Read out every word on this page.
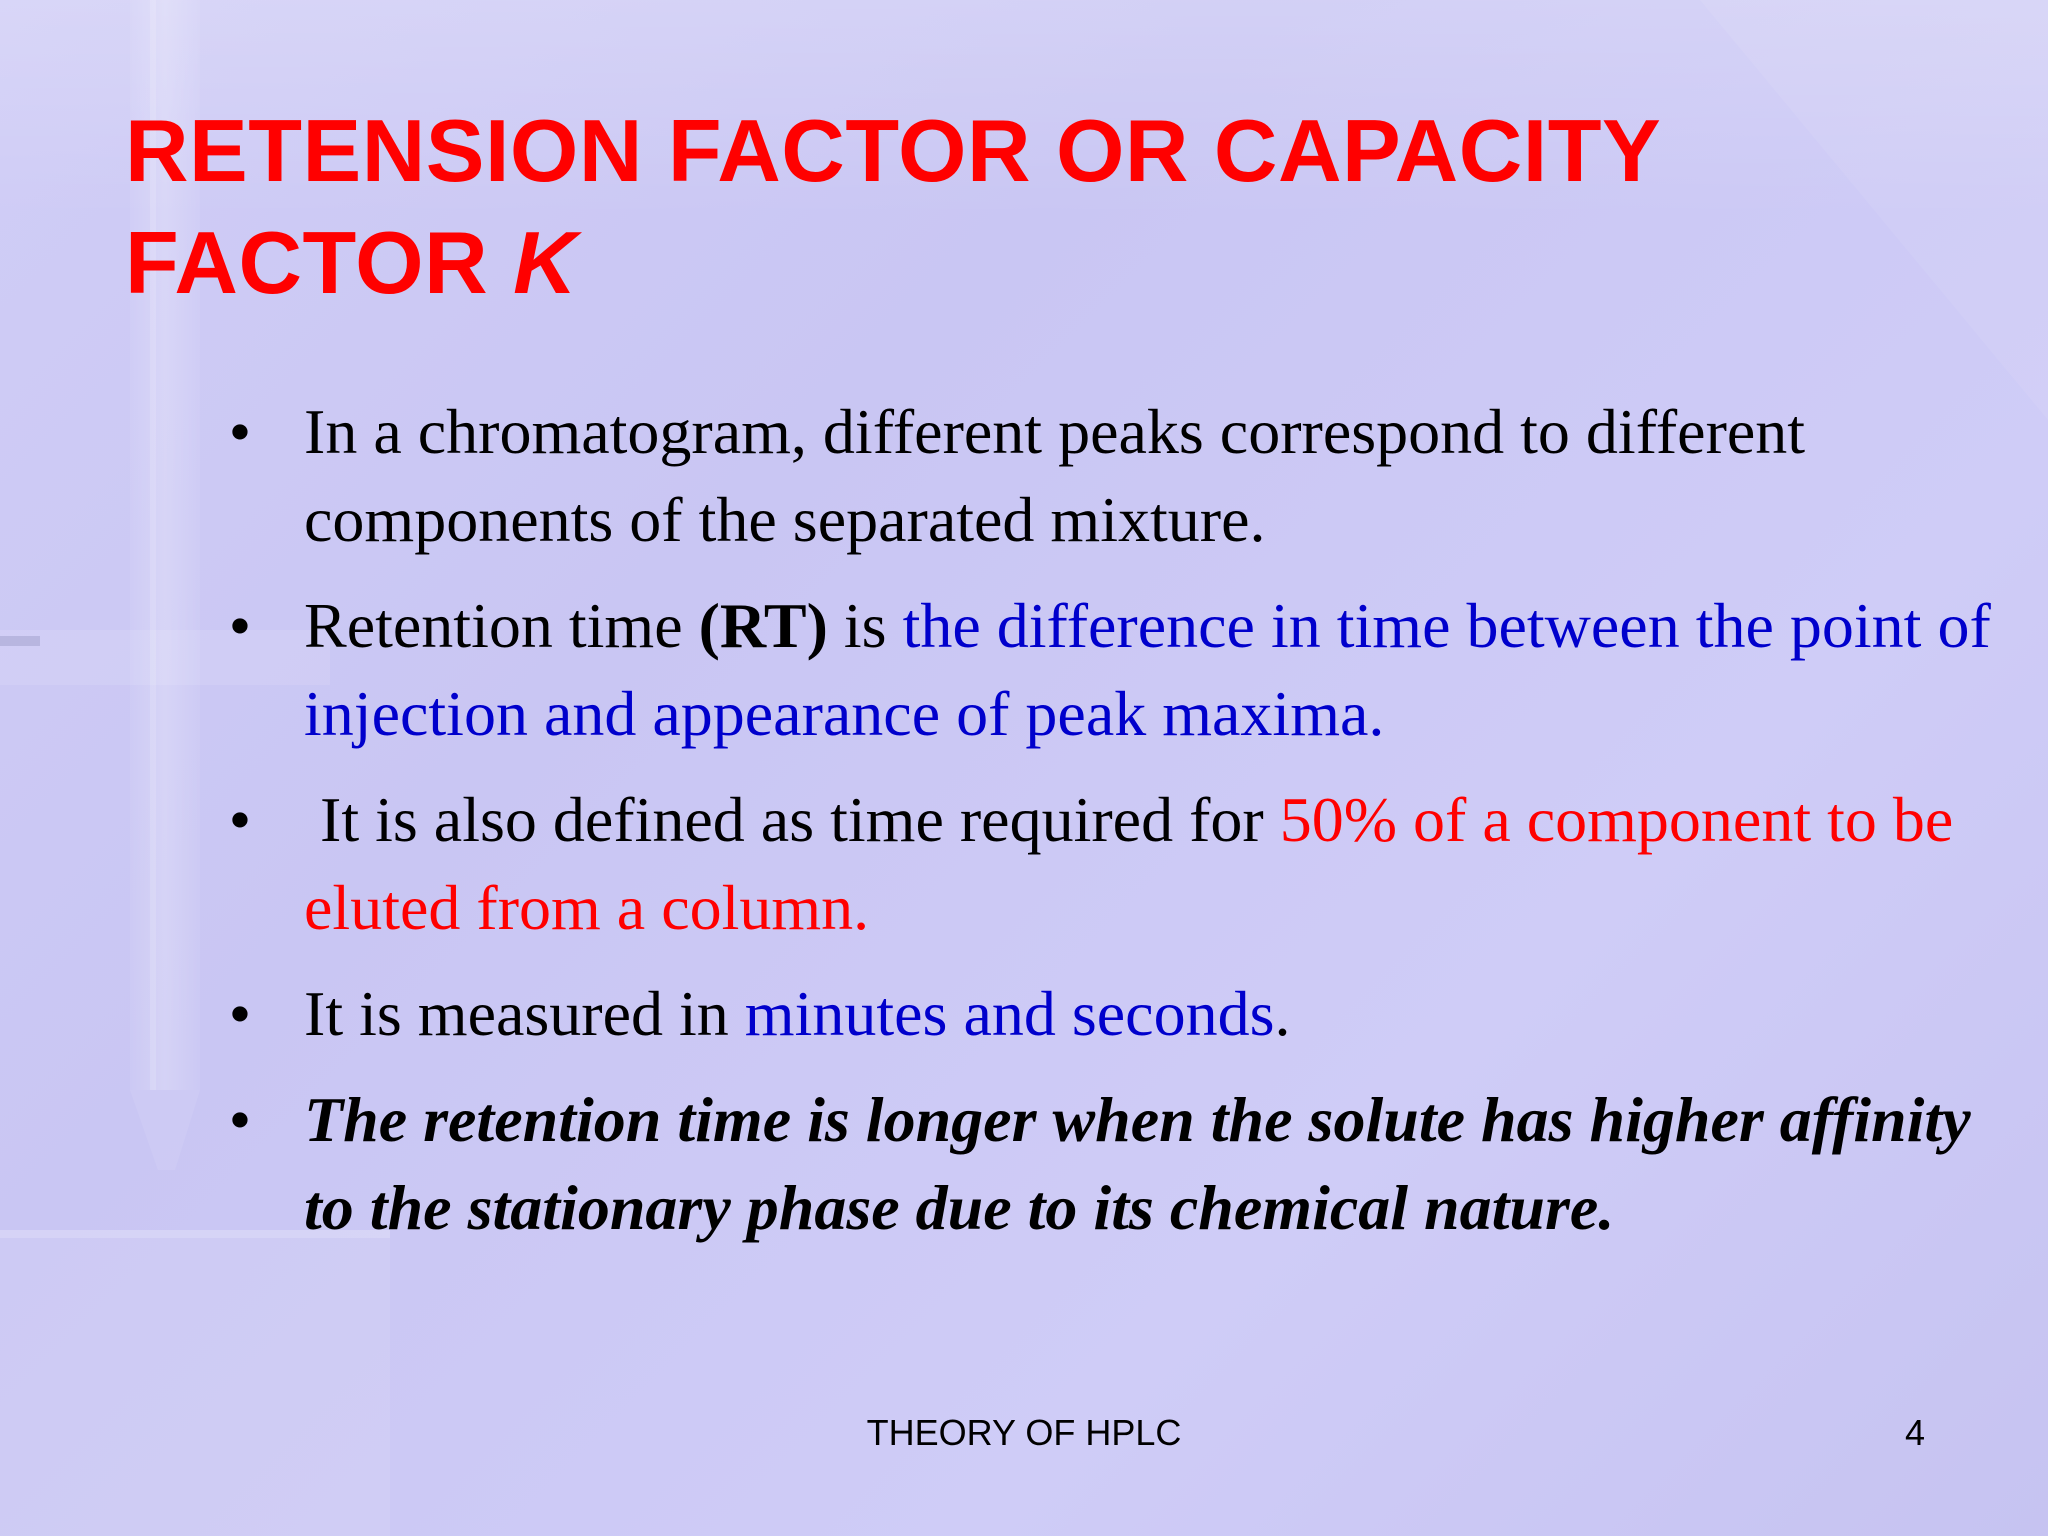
RETENSION FACTOR OR CAPACITY FACTOR K
• In a chromatogram, different peaks correspond to different components of the separated mixture.
• Retention time (RT) is the difference in time between the point of injection and appearance of peak maxima.
• It is also defined as time required for 50% of a component to be eluted from a column.
• It is measured in minutes and seconds.
• The retention time is longer when the solute has higher affinity to the stationary phase due to its chemical nature.
THEORY OF HPLC	4
